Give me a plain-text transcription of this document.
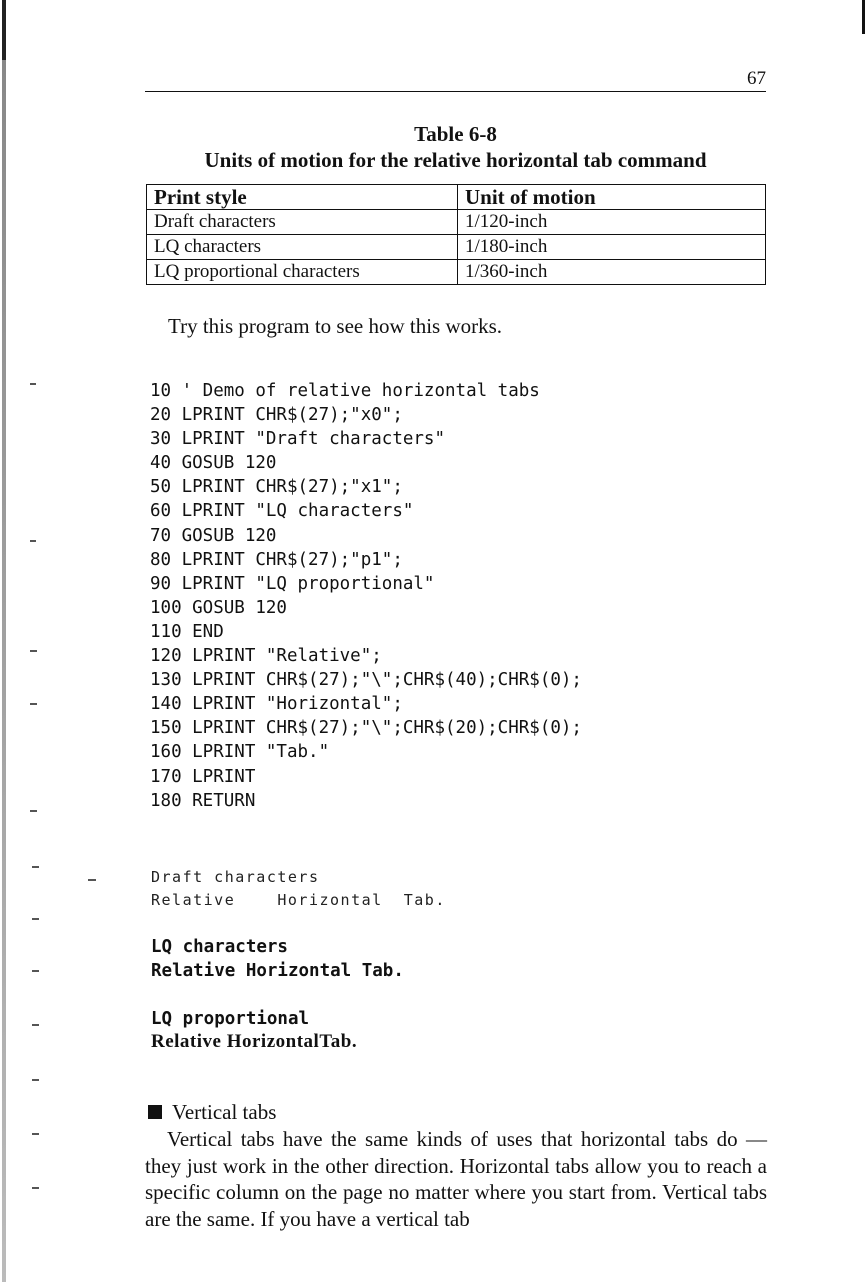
67
Table 6-8
Units of motion for the relative horizontal tab command
Print style	Unit of motion
Draft characters	1/120-inch
LQ characters	1/180-inch
LQ proportional characters	1/360-inch
Try this program to see how this works.
10 ' Demo of relative horizontal tabs
20 LPRINT CHR$(27);"x0";
30 LPRINT "Draft characters"
40 GOSUB 120
50 LPRINT CHR$(27);"x1";
60 LPRINT "LQ characters"
70 GOSUB 120
80 LPRINT CHR$(27);"p1";
90 LPRINT "LQ proportional"
100 GOSUB 120
110 END
120 LPRINT "Relative";
130 LPRINT CHR$(27);"\";CHR$(40);CHR$(0);
140 LPRINT "Horizontal";
150 LPRINT CHR$(27);"\";CHR$(20);CHR$(0);
160 LPRINT "Tab."
170 LPRINT
180 RETURN
Draft characters
Relative    Horizontal  Tab.
LQ characters
Relative Horizontal Tab.
LQ proportional
Relative HorizontalTab.
Vertical tabs
Vertical tabs have the same kinds of uses that horizontal tabs do — they just work in the other direction. Horizontal tabs allow you to reach a specific column on the page no matter where you start from. Vertical tabs are the same. If you have a vertical tab
